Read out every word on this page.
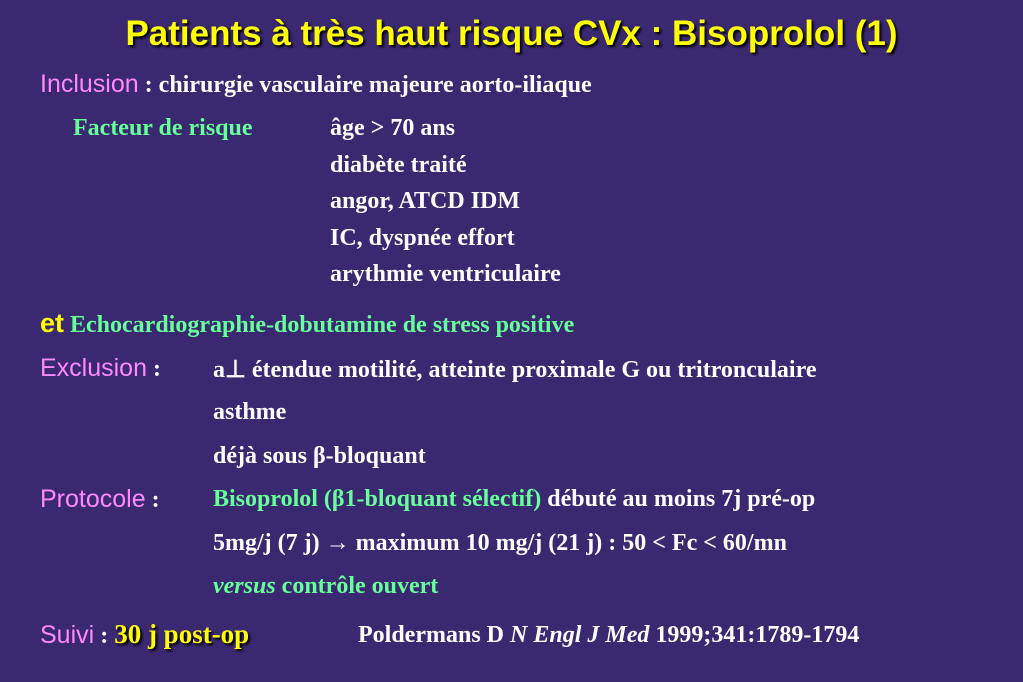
Patients à très haut risque CVx : Bisoprolol (1)
Inclusion : chirurgie vasculaire majeure aorto-iliaque
Facteur de risque	âge > 70 ans
diabète traité
angor, ATCD IDM
IC, dyspnée effort
arythmie ventriculaire
et Echocardiographie-dobutamine de stress positive
Exclusion : a⊥ étendue motilité, atteinte proximale G ou tritronculaire
asthme
déjà sous β-bloquant
Protocole : Bisoprolol (β1-bloquant sélectif) débuté au moins 7j pré-op
5mg/j (7 j) → maximum 10 mg/j (21 j) : 50 < Fc < 60/mn
versus contrôle ouvert
Suivi : 30 j post-op	Poldermans D N Engl J Med 1999;341:1789-1794
